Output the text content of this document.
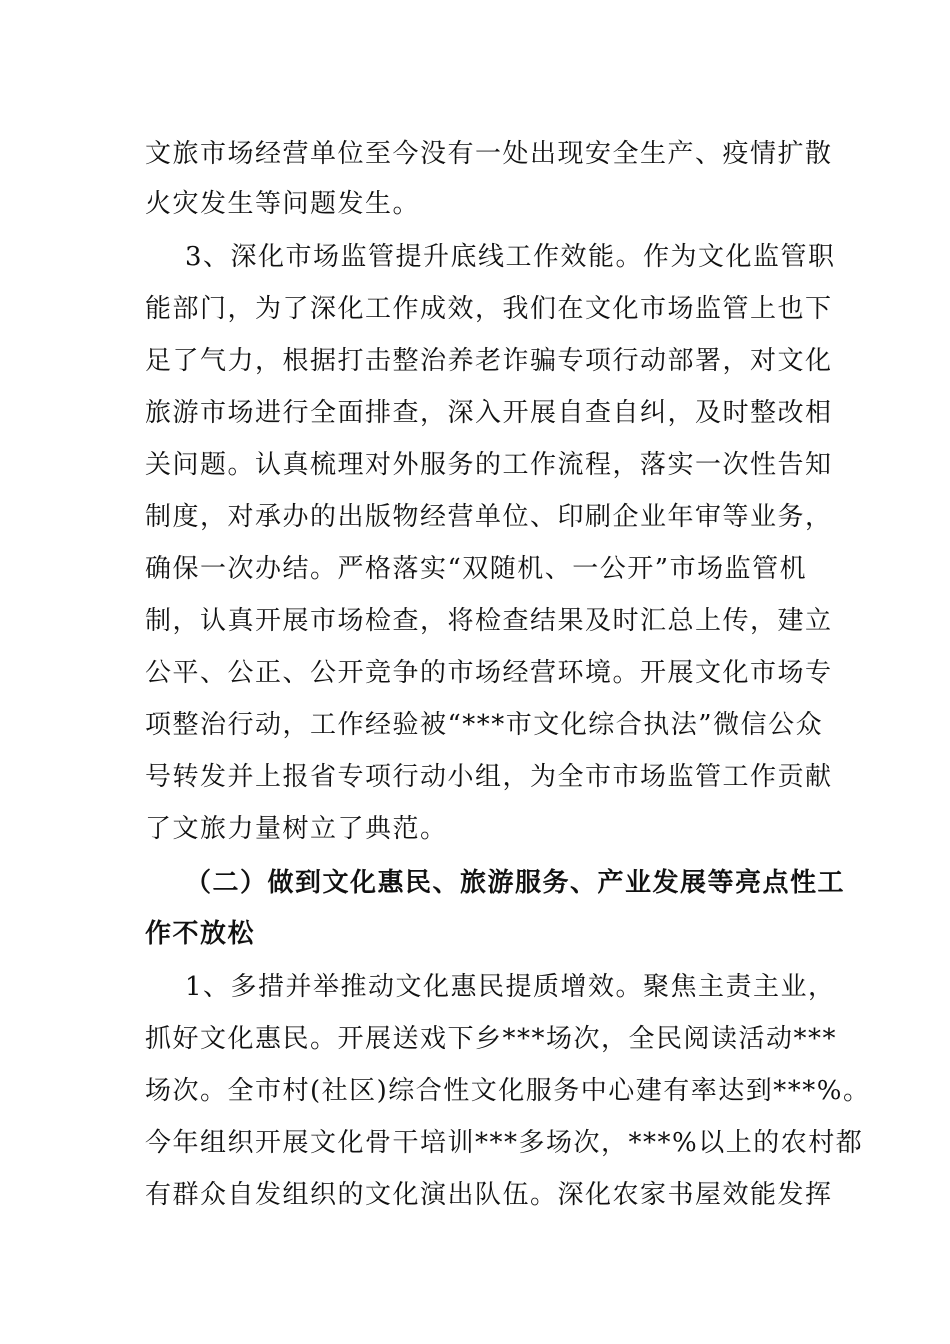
文旅市场经营单位至今没有一处出现安全生产、疫情扩散
火灾发生等问题发生。
3、深化市场监管提升底线工作效能。作为文化监管职
能部门，为了深化工作成效，我们在文化市场监管上也下
足了气力，根据打击整治养老诈骗专项行动部署，对文化
旅游市场进行全面排查，深入开展自查自纠，及时整改相
关问题。认真梳理对外服务的工作流程，落实一次性告知
制度，对承办的出版物经营单位、印刷企业年审等业务，
确保一次办结。严格落实“双随机、一公开”市场监管机
制，认真开展市场检查，将检查结果及时汇总上传，建立
公平、公正、公开竞争的市场经营环境。开展文化市场专
项整治行动，工作经验被“***市文化综合执法”微信公众
号转发并上报省专项行动小组，为全市市场监管工作贡献
了文旅力量树立了典范。
（二）做到文化惠民、旅游服务、产业发展等亮点性工
作不放松
1、多措并举推动文化惠民提质增效。聚焦主责主业，
抓好文化惠民。开展送戏下乡***场次，全民阅读活动***
场次。全市村(社区)综合性文化服务中心建有率达到***%。
今年组织开展文化骨干培训***多场次，***%以上的农村都
有群众自发组织的文化演出队伍。深化农家书屋效能发挥
